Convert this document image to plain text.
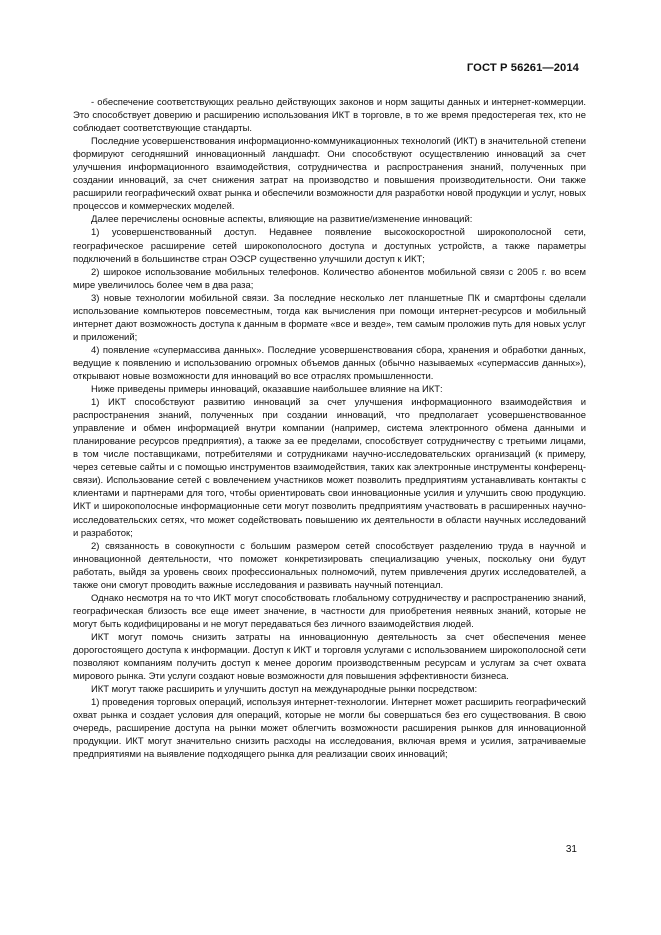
ГОСТ Р 56261—2014

- обеспечение соответствующих реально действующих законов и норм защиты данных и интернет-коммерции. Это способствует доверию и расширению использования ИКТ в торговле, в то же время предостерегая тех, кто не соблюдает соответствующие стандарты.

Последние усовершенствования информационно-коммуникационных технологий (ИКТ) в значительной степени формируют сегодняшний инновационный ландшафт. Они способствуют осуществлению инноваций за счет улучшения информационного взаимодействия, сотрудничества и распространения знаний, полученных при создании инноваций, за счет снижения затрат на производство и повышения производительности. Они также расширили географический охват рынка и обеспечили возможности для разработки новой продукции и услуг, новых процессов и коммерческих моделей.

Далее перечислены основные аспекты, влияющие на развитие/изменение инноваций:

1) усовершенствованный доступ. Недавнее появление высокоскоростной широкополосной сети, географическое расширение сетей широкополосного доступа и доступных устройств, а также параметры подключений в большинстве стран ОЭСР существенно улучшили доступ к ИКТ;

2) широкое использование мобильных телефонов. Количество абонентов мобильной связи с 2005 г. во всем мире увеличилось более чем в два раза;

3) новые технологии мобильной связи. За последние несколько лет планшетные ПК и смартфоны сделали использование компьютеров повсеместным, тогда как вычисления при помощи интернет-ресурсов и мобильный интернет дают возможность доступа к данным в формате «все и везде», тем самым проложив путь для новых услуг и приложений;

4) появление «супермассива данных». Последние усовершенствования сбора, хранения и обработки данных, ведущие к появлению и использованию огромных объемов данных (обычно называемых «супермассив данных»), открывают новые возможности для инноваций во все отраслях промышленности.

Ниже приведены примеры инноваций, оказавшие наибольшее влияние на ИКТ:

1) ИКТ способствуют развитию инноваций за счет улучшения информационного взаимодействия и распространения знаний, полученных при создании инноваций, что предполагает усовершенствованное управление и обмен информацией внутри компании (например, система электронного обмена данными и планирование ресурсов предприятия), а также за ее пределами, способствует сотрудничеству с третьими лицами, в том числе поставщиками, потребителями и сотрудниками научно-исследовательских организаций (к примеру, через сетевые сайты и с помощью инструментов взаимодействия, таких как электронные инструменты конференц-связи). Использование сетей с вовлечением участников может позволить предприятиям устанавливать контакты с клиентами и партнерами для того, чтобы ориентировать свои инновационные усилия и улучшить свою продукцию. ИКТ и широкополосные информационные сети могут позволить предприятиям участвовать в расширенных научно-исследовательских сетях, что может содействовать повышению их деятельности в области научных исследований и разработок;

2) связанность в совокупности с большим размером сетей способствует разделению труда в научной и инновационной деятельности, что поможет конкретизировать специализацию ученых, поскольку они будут работать, выйдя за уровень своих профессиональных полномочий, путем привлечения других исследователей, а также они смогут проводить важные исследования и развивать научный потенциал.

Однако несмотря на то что ИКТ могут способствовать глобальному сотрудничеству и распространению знаний, географическая близость все еще имеет значение, в частности для приобретения неявных знаний, которые не могут быть кодифицированы и не могут передаваться без личного взаимодействия людей.

ИКТ могут помочь снизить затраты на инновационную деятельность за счет обеспечения менее дорогостоящего доступа к информации. Доступ к ИКТ и торговля услугами с использованием широкополосной сети позволяют компаниям получить доступ к менее дорогим производственным ресурсам и услугам за счет охвата мирового рынка. Эти услуги создают новые возможности для повышения эффективности бизнеса.

ИКТ могут также расширить и улучшить доступ на международные рынки посредством:

1) проведения торговых операций, используя интернет-технологии. Интернет может расширить географический охват рынка и создает условия для операций, которые не могли бы совершаться без его существования. В свою очередь, расширение доступа на рынки может облегчить возможности расширения рынков для инновационной продукции. ИКТ могут значительно снизить расходы на исследования, включая время и усилия, затрачиваемые предприятиями на выявление подходящего рынка для реализации своих инноваций;

31
